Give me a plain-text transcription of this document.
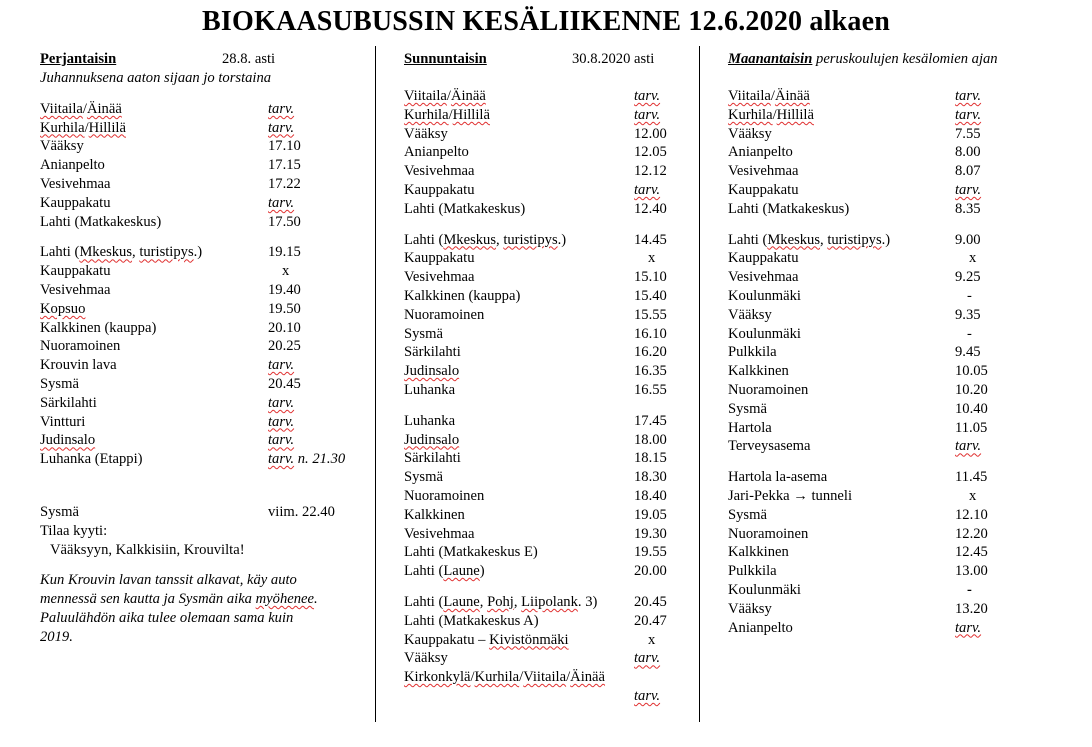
BIOKAASUBUSSIN KESÄLIIKENNE 12.6.2020 alkaen
Perjantaisin	28.8. asti
Juhannuksena aaton sijaan jo torstaina
Viitaila/Äinää	tarv.
Kurhila/Hillilä	tarv.
Vääksy	17.10
Anianpelto	17.15
Vesivehmaa	17.22
Kauppakatu	tarv.
Lahti (Matkakeskus)	17.50
Lahti (Mkeskus, turistipys.)	19.15
Kauppakatu	x
Vesivehmaa	19.40
Kopsuo	19.50
Kalkkinen (kauppa)	20.10
Nuoramoinen	20.25
Krouvin lava	tarv.
Sysmä	20.45
Särkilahti	tarv.
Vintturi	tarv.
Judinsalo	tarv.
Luhanka (Etappi)	tarv. n. 21.30
Sysmä	viim. 22.40
Tilaa kyyti:
Vääksyyn, Kalkkisiin, Krouvilta!
Kun Krouvin lavan tanssit alkavat, käy auto
mennessä sen kautta ja Sysmän aika myöhenee.
Paluulähdön aika tulee olemaan sama kuin
2019.
Sunnuntaisin	30.8.2020 asti
Viitaila/Äinää	tarv.
Kurhila/Hillilä	tarv.
Vääksy	12.00
Anianpelto	12.05
Vesivehmaa	12.12
Kauppakatu	tarv.
Lahti (Matkakeskus)	12.40
Lahti (Mkeskus, turistipys.)	14.45
Kauppakatu	x
Vesivehmaa	15.10
Kalkkinen (kauppa)	15.40
Nuoramoinen	15.55
Sysmä	16.10
Särkilahti	16.20
Judinsalo	16.35
Luhanka	16.55
Luhanka	17.45
Judinsalo	18.00
Särkilahti	18.15
Sysmä	18.30
Nuoramoinen	18.40
Kalkkinen	19.05
Vesivehmaa	19.30
Lahti (Matkakeskus E)	19.55
Lahti (Laune)	20.00
Lahti (Laune, Pohj, Liipolank. 3)	20.45
Lahti (Matkakeskus A)	20.47
Kauppakatu – Kivistönmäki	x
Vääksy	tarv.
Kirkonkylä/Kurhila/Viitaila/Äinää
tarv.
Maanantaisin peruskoulujen kesälomien ajan
Viitaila/Äinää	tarv.
Kurhila/Hillilä	tarv.
Vääksy	7.55
Anianpelto	8.00
Vesivehmaa	8.07
Kauppakatu	tarv.
Lahti (Matkakeskus)	8.35
Lahti (Mkeskus, turistipys.)	9.00
Kauppakatu	x
Vesivehmaa	9.25
Koulunmäki	-
Vääksy	9.35
Koulunmäki	-
Pulkkila	9.45
Kalkkinen	10.05
Nuoramoinen	10.20
Sysmä	10.40
Hartola	11.05
Terveysasema	tarv.
Hartola la-asema	11.45
Jari-Pekka → tunneli	x
Sysmä	12.10
Nuoramoinen	12.20
Kalkkinen	12.45
Pulkkila	13.00
Koulunmäki	-
Vääksy	13.20
Anianpelto	tarv.
